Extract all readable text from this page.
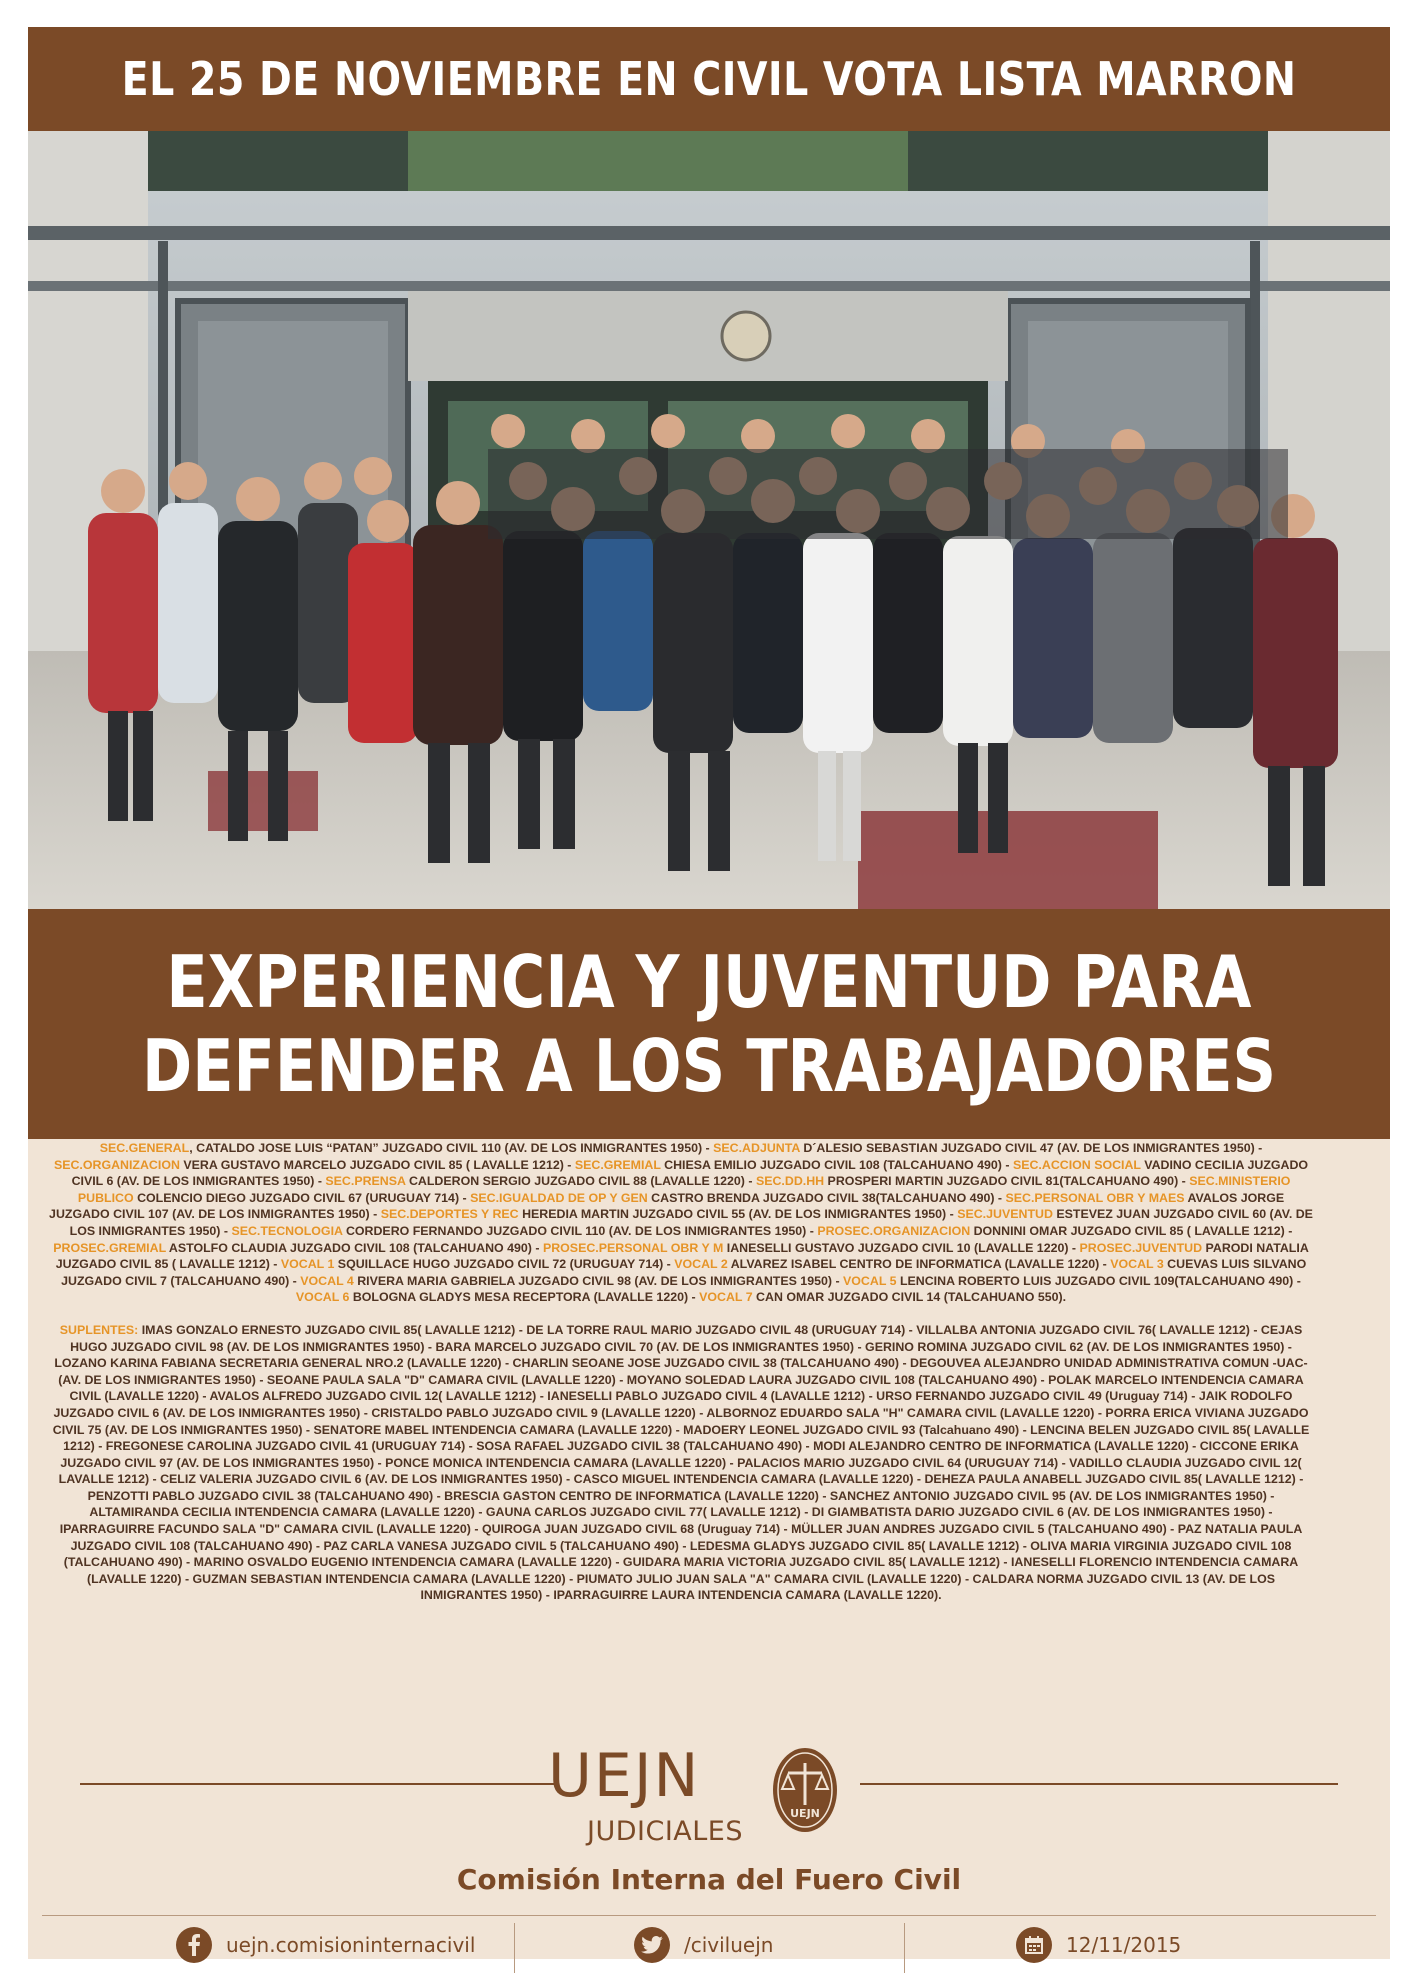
EL 25 DE NOVIEMBRE EN CIVIL VOTA LISTA MARRON
EXPERIENCIA Y JUVENTUD PARA
DEFENDER A LOS TRABAJADORES
UEJN
JUDICIALES
UEJN
Comisión Interna del Fuero Civil
uejn.comisioninternacivil	/civiluejn	12/11/2015

SEC.GENERAL, CATALDO JOSE LUIS “PATAN” JUZGADO CIVIL 110 (AV. DE LOS INMIGRANTES 1950) - SEC.ADJUNTA D´ALESIO SEBASTIAN JUZGADO CIVIL 47 (AV. DE LOS INMIGRANTES 1950) - SEC.ORGANIZACION VERA GUSTAVO MARCELO JUZGADO CIVIL 85 ( LAVALLE 1212) - SEC.GREMIAL CHIESA EMILIO JUZGADO CIVIL 108 (TALCAHUANO 490) - SEC.ACCION SOCIAL VADINO CECILIA JUZGADO CIVIL 6 (AV. DE LOS INMIGRANTES 1950) - SEC.PRENSA CALDERON SERGIO JUZGADO CIVIL 88 (LAVALLE 1220) - SEC.DD.HH PROSPERI MARTIN JUZGADO CIVIL 81(TALCAHUANO 490) - SEC.MINISTERIO PUBLICO COLENCIO DIEGO JUZGADO CIVIL 67 (URUGUAY 714) - SEC.IGUALDAD DE OP Y GEN CASTRO BRENDA JUZGADO CIVIL 38(TALCAHUANO 490) - SEC.PERSONAL OBR Y MAES AVALOS JORGE JUZGADO CIVIL 107 (AV. DE LOS INMIGRANTES 1950) - SEC.DEPORTES Y REC HEREDIA MARTIN JUZGADO CIVIL 55 (AV. DE LOS INMIGRANTES 1950) - SEC.JUVENTUD ESTEVEZ JUAN JUZGADO CIVIL 60 (AV. DE LOS INMIGRANTES 1950) - SEC.TECNOLOGIA CORDERO FERNANDO JUZGADO CIVIL 110 (AV. DE LOS INMIGRANTES 1950) - PROSEC.ORGANIZACION DONNINI OMAR JUZGADO CIVIL 85 ( LAVALLE 1212) - PROSEC.GREMIAL ASTOLFO CLAUDIA JUZGADO CIVIL 108 (TALCAHUANO 490) - PROSEC.PERSONAL OBR Y M IANESELLI GUSTAVO JUZGADO CIVIL 10 (LAVALLE 1220) - PROSEC.JUVENTUD PARODI NATALIA JUZGADO CIVIL 85 ( LAVALLE 1212) - VOCAL 1 SQUILLACE HUGO JUZGADO CIVIL 72 (URUGUAY 714) - VOCAL 2 ALVAREZ ISABEL CENTRO DE INFORMATICA (LAVALLE 1220) - VOCAL 3 CUEVAS LUIS SILVANO JUZGADO CIVIL 7 (TALCAHUANO 490) - VOCAL 4 RIVERA MARIA GABRIELA JUZGADO CIVIL 98 (AV. DE LOS INMIGRANTES 1950) - VOCAL 5 LENCINA ROBERTO LUIS JUZGADO CIVIL 109(TALCAHUANO 490) - VOCAL 6 BOLOGNA GLADYS MESA RECEPTORA (LAVALLE 1220) - VOCAL 7 CAN OMAR JUZGADO CIVIL 14 (TALCAHUANO 550).

SUPLENTES: IMAS GONZALO ERNESTO JUZGADO CIVIL 85( LAVALLE 1212) - DE LA TORRE RAUL MARIO JUZGADO CIVIL 48 (URUGUAY 714) - VILLALBA ANTONIA JUZGADO CIVIL 76( LAVALLE 1212) - CEJAS HUGO JUZGADO CIVIL 98 (AV. DE LOS INMIGRANTES 1950) - BARA MARCELO JUZGADO CIVIL 70 (AV. DE LOS INMIGRANTES 1950) - GERINO ROMINA JUZGADO CIVIL 62 (AV. DE LOS INMIGRANTES 1950) - LOZANO KARINA FABIANA SECRETARIA GENERAL NRO.2 (LAVALLE 1220) - CHARLIN SEOANE JOSE JUZGADO CIVIL 38 (TALCAHUANO 490) - DEGOUVEA ALEJANDRO UNIDAD ADMINISTRATIVA COMUN -UAC- (AV. DE LOS INMIGRANTES 1950) - SEOANE PAULA SALA "D" CAMARA CIVIL (LAVALLE 1220) - MOYANO SOLEDAD LAURA JUZGADO CIVIL 108 (TALCAHUANO 490) - POLAK MARCELO INTENDENCIA CAMARA CIVIL (LAVALLE 1220) - AVALOS ALFREDO JUZGADO CIVIL 12( LAVALLE 1212) - IANESELLI PABLO JUZGADO CIVIL 4 (LAVALLE 1212) - URSO FERNANDO JUZGADO CIVIL 49 (Uruguay 714) - JAIK RODOLFO JUZGADO CIVIL 6 (AV. DE LOS INMIGRANTES 1950) - CRISTALDO PABLO JUZGADO CIVIL 9 (LAVALLE 1220) - ALBORNOZ EDUARDO SALA "H" CAMARA CIVIL (LAVALLE 1220) - PORRA ERICA VIVIANA JUZGADO CIVIL 75 (AV. DE LOS INMIGRANTES 1950) - SENATORE MABEL INTENDENCIA CAMARA (LAVALLE 1220) - MADOERY LEONEL JUZGADO CIVIL 93 (Talcahuano 490) - LENCINA BELEN JUZGADO CIVIL 85( LAVALLE 1212) - FREGONESE CAROLINA JUZGADO CIVIL 41 (URUGUAY 714) - SOSA RAFAEL JUZGADO CIVIL 38 (TALCAHUANO 490) - MODI ALEJANDRO CENTRO DE INFORMATICA (LAVALLE 1220) - CICCONE ERIKA JUZGADO CIVIL 97 (AV. DE LOS INMIGRANTES 1950) - PONCE MONICA INTENDENCIA CAMARA (LAVALLE 1220) - PALACIOS MARIO JUZGADO CIVIL 64 (URUGUAY 714) - VADILLO CLAUDIA JUZGADO CIVIL 12( LAVALLE 1212) - CELIZ VALERIA JUZGADO CIVIL 6 (AV. DE LOS INMIGRANTES 1950) - CASCO MIGUEL INTENDENCIA CAMARA (LAVALLE 1220) - DEHEZA PAULA ANABELL JUZGADO CIVIL 85( LAVALLE 1212) - PENZOTTI PABLO JUZGADO CIVIL 38 (TALCAHUANO 490) - BRESCIA GASTON CENTRO DE INFORMATICA (LAVALLE 1220) - SANCHEZ ANTONIO JUZGADO CIVIL 95 (AV. DE LOS INMIGRANTES 1950) - ALTAMIRANDA CECILIA INTENDENCIA CAMARA (LAVALLE 1220) - GAUNA CARLOS JUZGADO CIVIL 77( LAVALLE 1212) - DI GIAMBATISTA DARIO JUZGADO CIVIL 6 (AV. DE LOS INMIGRANTES 1950) - IPARRAGUIRRE FACUNDO SALA "D" CAMARA CIVIL (LAVALLE 1220) - QUIROGA JUAN JUZGADO CIVIL 68 (Uruguay 714) - MÜLLER JUAN ANDRES JUZGADO CIVIL 5 (TALCAHUANO 490) - PAZ NATALIA PAULA JUZGADO CIVIL 108 (TALCAHUANO 490) - PAZ CARLA VANESA JUZGADO CIVIL 5 (TALCAHUANO 490) - LEDESMA GLADYS JUZGADO CIVIL 85( LAVALLE 1212) - OLIVA MARIA VIRGINIA JUZGADO CIVIL 108 (TALCAHUANO 490) - MARINO OSVALDO EUGENIO INTENDENCIA CAMARA (LAVALLE 1220) - GUIDARA MARIA VICTORIA JUZGADO CIVIL 85( LAVALLE 1212) - IANESELLI FLORENCIO INTENDENCIA CAMARA (LAVALLE 1220) - GUZMAN SEBASTIAN INTENDENCIA CAMARA (LAVALLE 1220) - PIUMATO JULIO JUAN SALA "A" CAMARA CIVIL (LAVALLE 1220) - CALDARA NORMA JUZGADO CIVIL 13 (AV. DE LOS INMIGRANTES 1950) - IPARRAGUIRRE LAURA INTENDENCIA CAMARA (LAVALLE 1220).
